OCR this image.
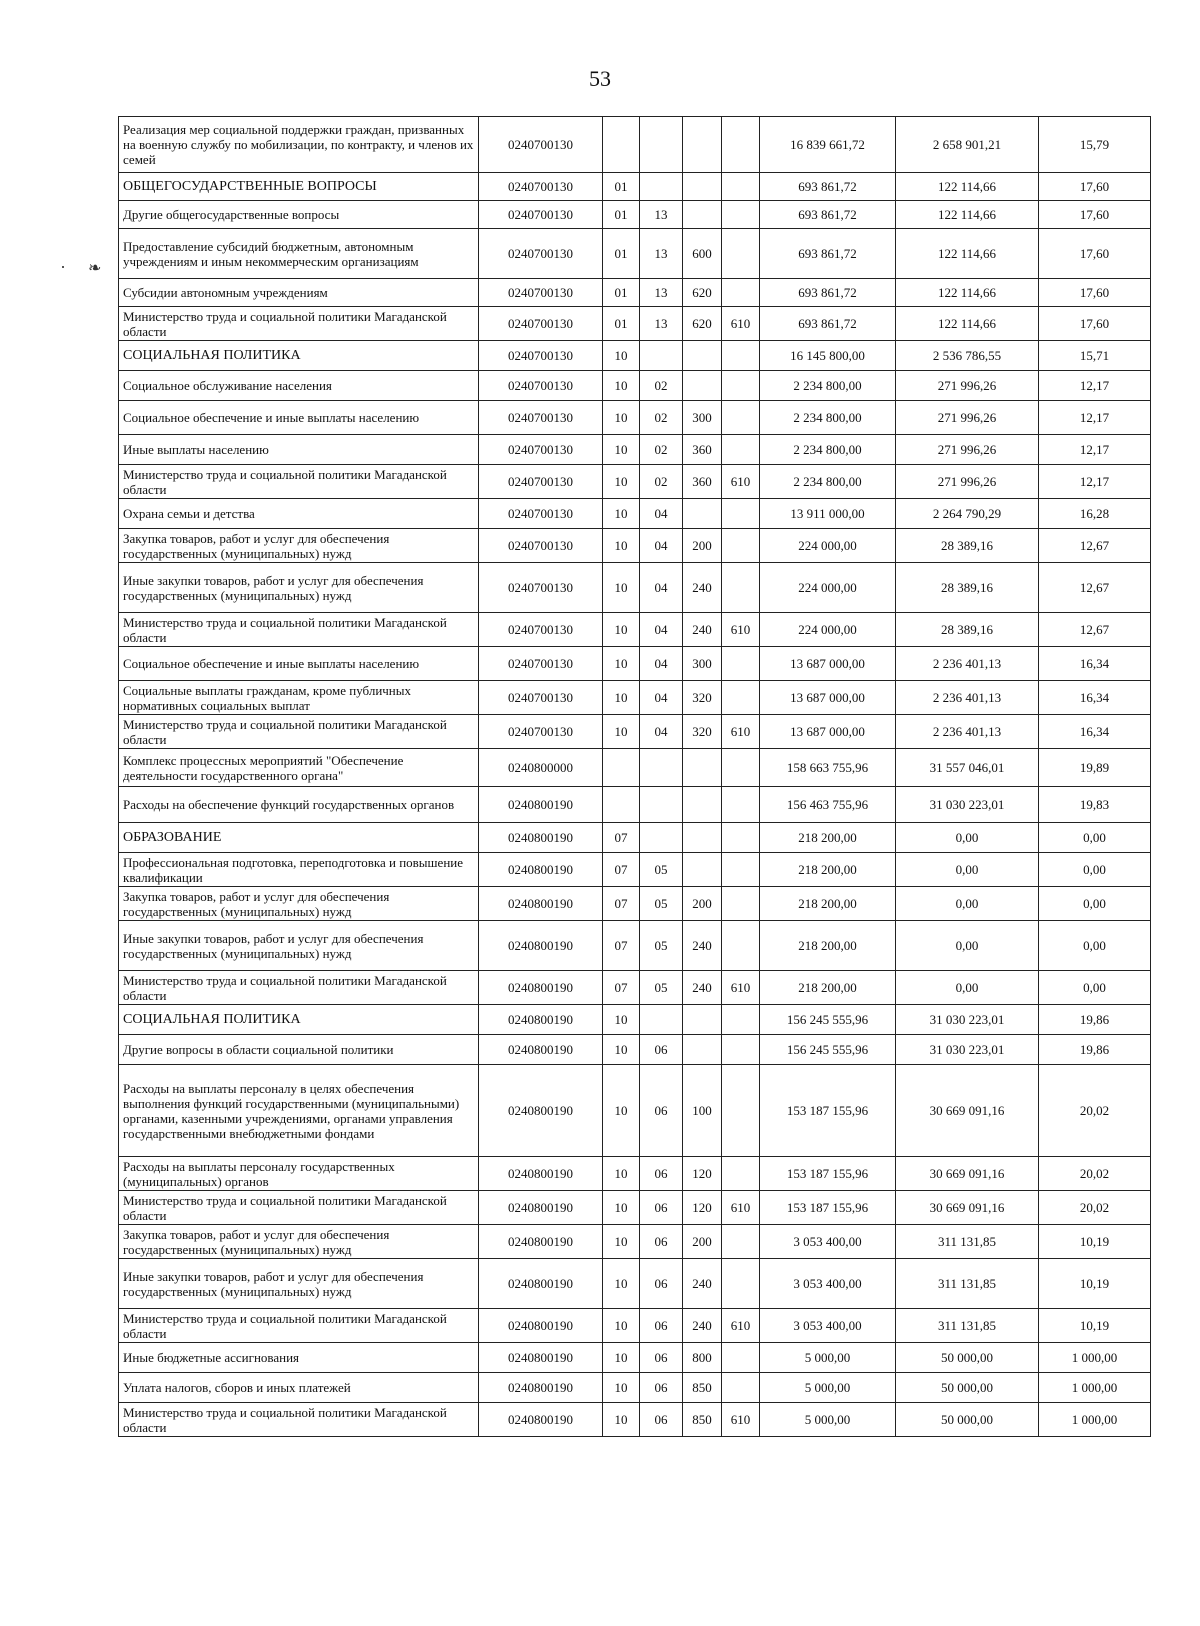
53
❧
Реализация мер социальной поддержки граждан, призванных на военную службу по мобилизации, по контракту, и членов их семей	0240700130					16 839 661,72	2 658 901,21	15,79
ОБЩЕГОСУДАРСТВЕННЫЕ ВОПРОСЫ	0240700130	01				693 861,72	122 114,66	17,60
Другие общегосударственные вопросы	0240700130	01	13			693 861,72	122 114,66	17,60
Предоставление субсидий бюджетным, автономным учреждениям и иным некоммерческим организациям	0240700130	01	13	600		693 861,72	122 114,66	17,60
Субсидии автономным учреждениям	0240700130	01	13	620		693 861,72	122 114,66	17,60
Министерство труда и социальной политики Магаданской области	0240700130	01	13	620	610	693 861,72	122 114,66	17,60
СОЦИАЛЬНАЯ ПОЛИТИКА	0240700130	10				16 145 800,00	2 536 786,55	15,71
Социальное обслуживание населения	0240700130	10	02			2 234 800,00	271 996,26	12,17
Социальное обеспечение и иные выплаты населению	0240700130	10	02	300		2 234 800,00	271 996,26	12,17
Иные выплаты населению	0240700130	10	02	360		2 234 800,00	271 996,26	12,17
Министерство труда и социальной политики Магаданской области	0240700130	10	02	360	610	2 234 800,00	271 996,26	12,17
Охрана семьи и детства	0240700130	10	04			13 911 000,00	2 264 790,29	16,28
Закупка товаров, работ и услуг для обеспечения государственных (муниципальных) нужд	0240700130	10	04	200		224 000,00	28 389,16	12,67
Иные закупки товаров, работ и услуг для обеспечения государственных (муниципальных) нужд	0240700130	10	04	240		224 000,00	28 389,16	12,67
Министерство труда и социальной политики Магаданской области	0240700130	10	04	240	610	224 000,00	28 389,16	12,67
Социальное обеспечение и иные выплаты населению	0240700130	10	04	300		13 687 000,00	2 236 401,13	16,34
Социальные выплаты гражданам, кроме публичных нормативных социальных выплат	0240700130	10	04	320		13 687 000,00	2 236 401,13	16,34
Министерство труда и социальной политики Магаданской области	0240700130	10	04	320	610	13 687 000,00	2 236 401,13	16,34
Комплекс процессных мероприятий "Обеспечение деятельности государственного органа"	0240800000					158 663 755,96	31 557 046,01	19,89
Расходы на обеспечение функций государственных органов	0240800190					156 463 755,96	31 030 223,01	19,83
ОБРАЗОВАНИЕ	0240800190	07				218 200,00	0,00	0,00
Профессиональная подготовка, переподготовка и повышение квалификации	0240800190	07	05			218 200,00	0,00	0,00
Закупка товаров, работ и услуг для обеспечения государственных (муниципальных) нужд	0240800190	07	05	200		218 200,00	0,00	0,00
Иные закупки товаров, работ и услуг для обеспечения государственных (муниципальных) нужд	0240800190	07	05	240		218 200,00	0,00	0,00
Министерство труда и социальной политики Магаданской области	0240800190	07	05	240	610	218 200,00	0,00	0,00
СОЦИАЛЬНАЯ ПОЛИТИКА	0240800190	10				156 245 555,96	31 030 223,01	19,86
Другие вопросы в области социальной политики	0240800190	10	06			156 245 555,96	31 030 223,01	19,86
Расходы на выплаты персоналу в целях обеспечения выполнения функций государственными (муниципальными) органами, казенными учреждениями, органами управления государственными внебюджетными фондами	0240800190	10	06	100		153 187 155,96	30 669 091,16	20,02
Расходы на выплаты персоналу государственных (муниципальных) органов	0240800190	10	06	120		153 187 155,96	30 669 091,16	20,02
Министерство труда и социальной политики Магаданской области	0240800190	10	06	120	610	153 187 155,96	30 669 091,16	20,02
Закупка товаров, работ и услуг для обеспечения государственных (муниципальных) нужд	0240800190	10	06	200		3 053 400,00	311 131,85	10,19
Иные закупки товаров, работ и услуг для обеспечения государственных (муниципальных) нужд	0240800190	10	06	240		3 053 400,00	311 131,85	10,19
Министерство труда и социальной политики Магаданской области	0240800190	10	06	240	610	3 053 400,00	311 131,85	10,19
Иные бюджетные ассигнования	0240800190	10	06	800		5 000,00	50 000,00	1 000,00
Уплата налогов, сборов и иных платежей	0240800190	10	06	850		5 000,00	50 000,00	1 000,00
Министерство труда и социальной политики Магаданской области	0240800190	10	06	850	610	5 000,00	50 000,00	1 000,00
